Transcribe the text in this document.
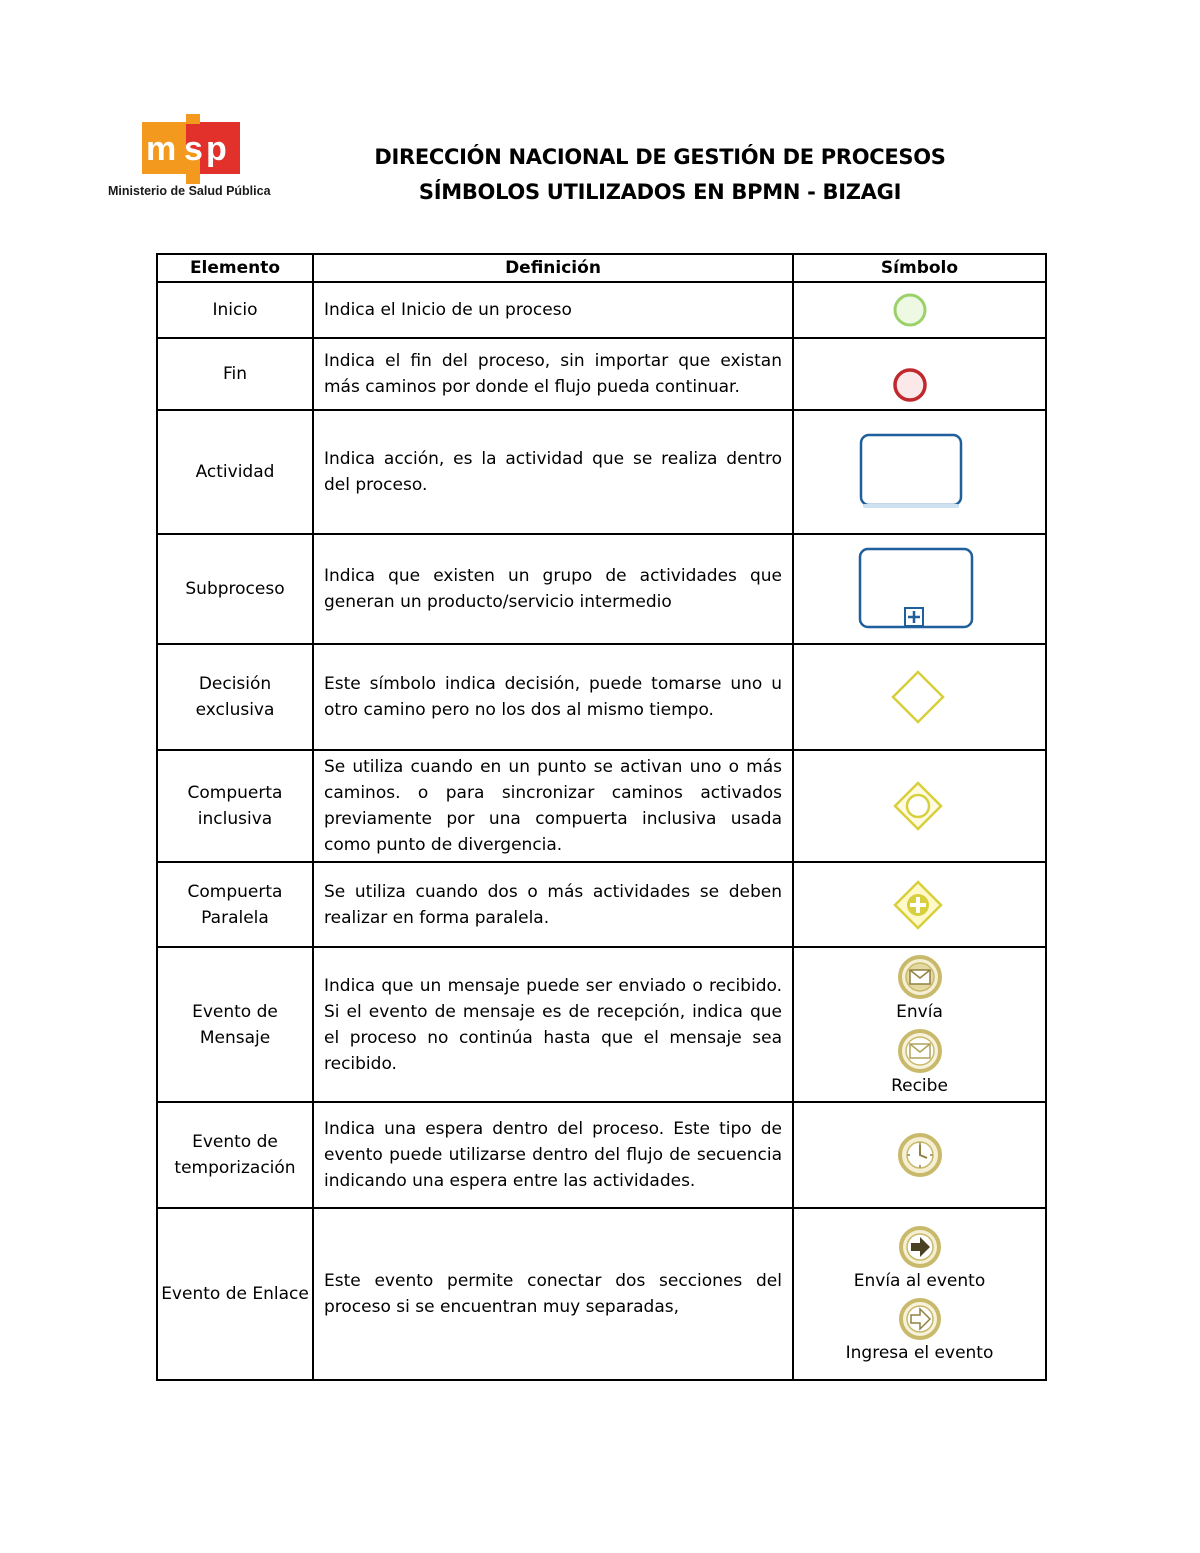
m s p
Ministerio de Salud Pública
DIRECCIÓN NACIONAL DE GESTIÓN DE PROCESOS
SÍMBOLOS UTILIZADOS EN BPMN - BIZAGI
Elemento	Definición	Símbolo
Inicio	Indica el Inicio de un proceso	

Fin	Indica el fin del proceso, sin importar que existan más caminos por donde el flujo pueda continuar.	

Actividad	Indica acción, es la actividad que se realiza dentro del proceso.	

Subproceso	Indica que existen un grupo de actividades que generan un producto/servicio intermedio	

Decisión exclusiva	Este símbolo indica decisión, puede tomarse uno u otro camino pero no los dos al mismo tiempo.	

Compuerta inclusiva	Se utiliza cuando en un punto se activan uno o más caminos. o para sincronizar caminos activados previamente por una compuerta inclusiva usada como punto de divergencia.	

Compuerta Paralela	Se utiliza cuando dos o más actividades se deben realizar en forma paralela.	

Evento de Mensaje	Indica que un mensaje puede ser enviado o recibido. Si el evento de mensaje es de recepción, indica que el proceso no continúa hasta que el mensaje sea recibido.	Envía
Recibe

Evento de temporización	Indica una espera dentro del proceso. Este tipo de evento puede utilizarse dentro del flujo de secuencia indicando una espera entre las actividades.	

Evento de Enlace	Este evento permite conectar dos secciones del proceso si se encuentran muy separadas,	Envía al evento
Ingresa el evento
